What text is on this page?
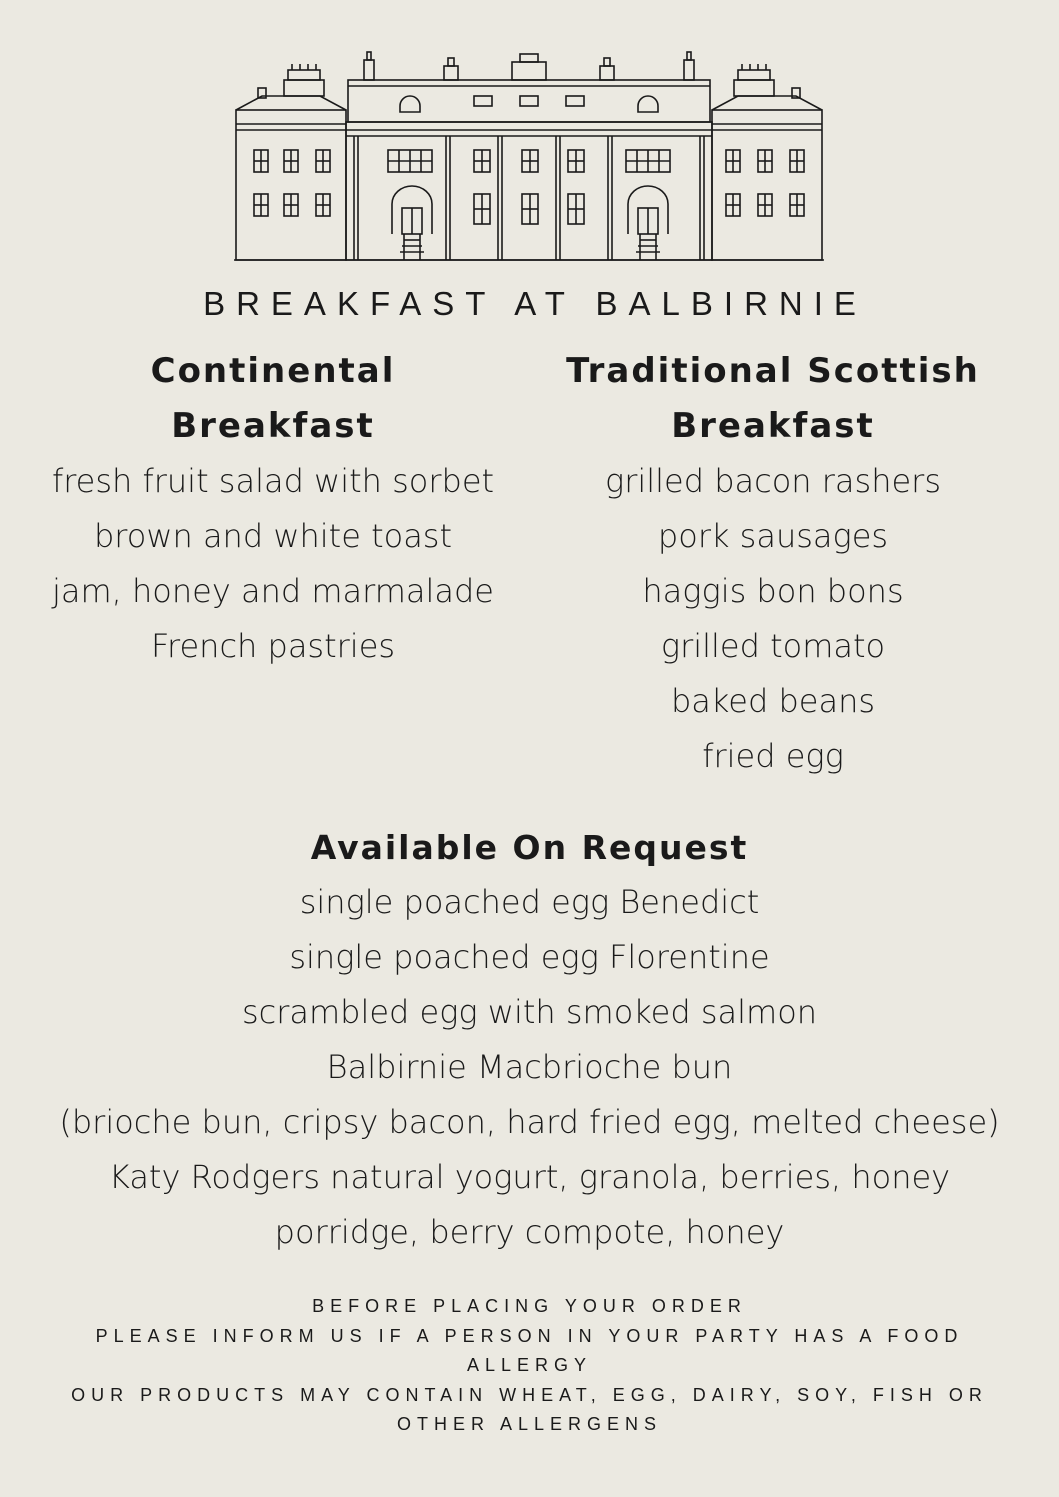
BREAKFAST AT BALBIRNIE
Continental Breakfast
fresh fruit salad with sorbet
brown and white toast
jam, honey and marmalade
French pastries
Traditional Scottish Breakfast
grilled bacon rashers
pork sausages
haggis bon bons
grilled tomato
baked beans
fried egg
Available On Request
single poached egg Benedict
single poached egg Florentine
scrambled egg with smoked salmon
Balbirnie Macbrioche bun
(brioche bun, cripsy bacon, hard fried egg, melted cheese)
Katy Rodgers natural yogurt, granola, berries, honey
porridge, berry compote, honey
BEFORE PLACING YOUR ORDER
PLEASE INFORM US IF A PERSON IN YOUR PARTY HAS A FOOD ALLERGY
OUR PRODUCTS MAY CONTAIN WHEAT, EGG, DAIRY, SOY, FISH OR OTHER ALLERGENS
